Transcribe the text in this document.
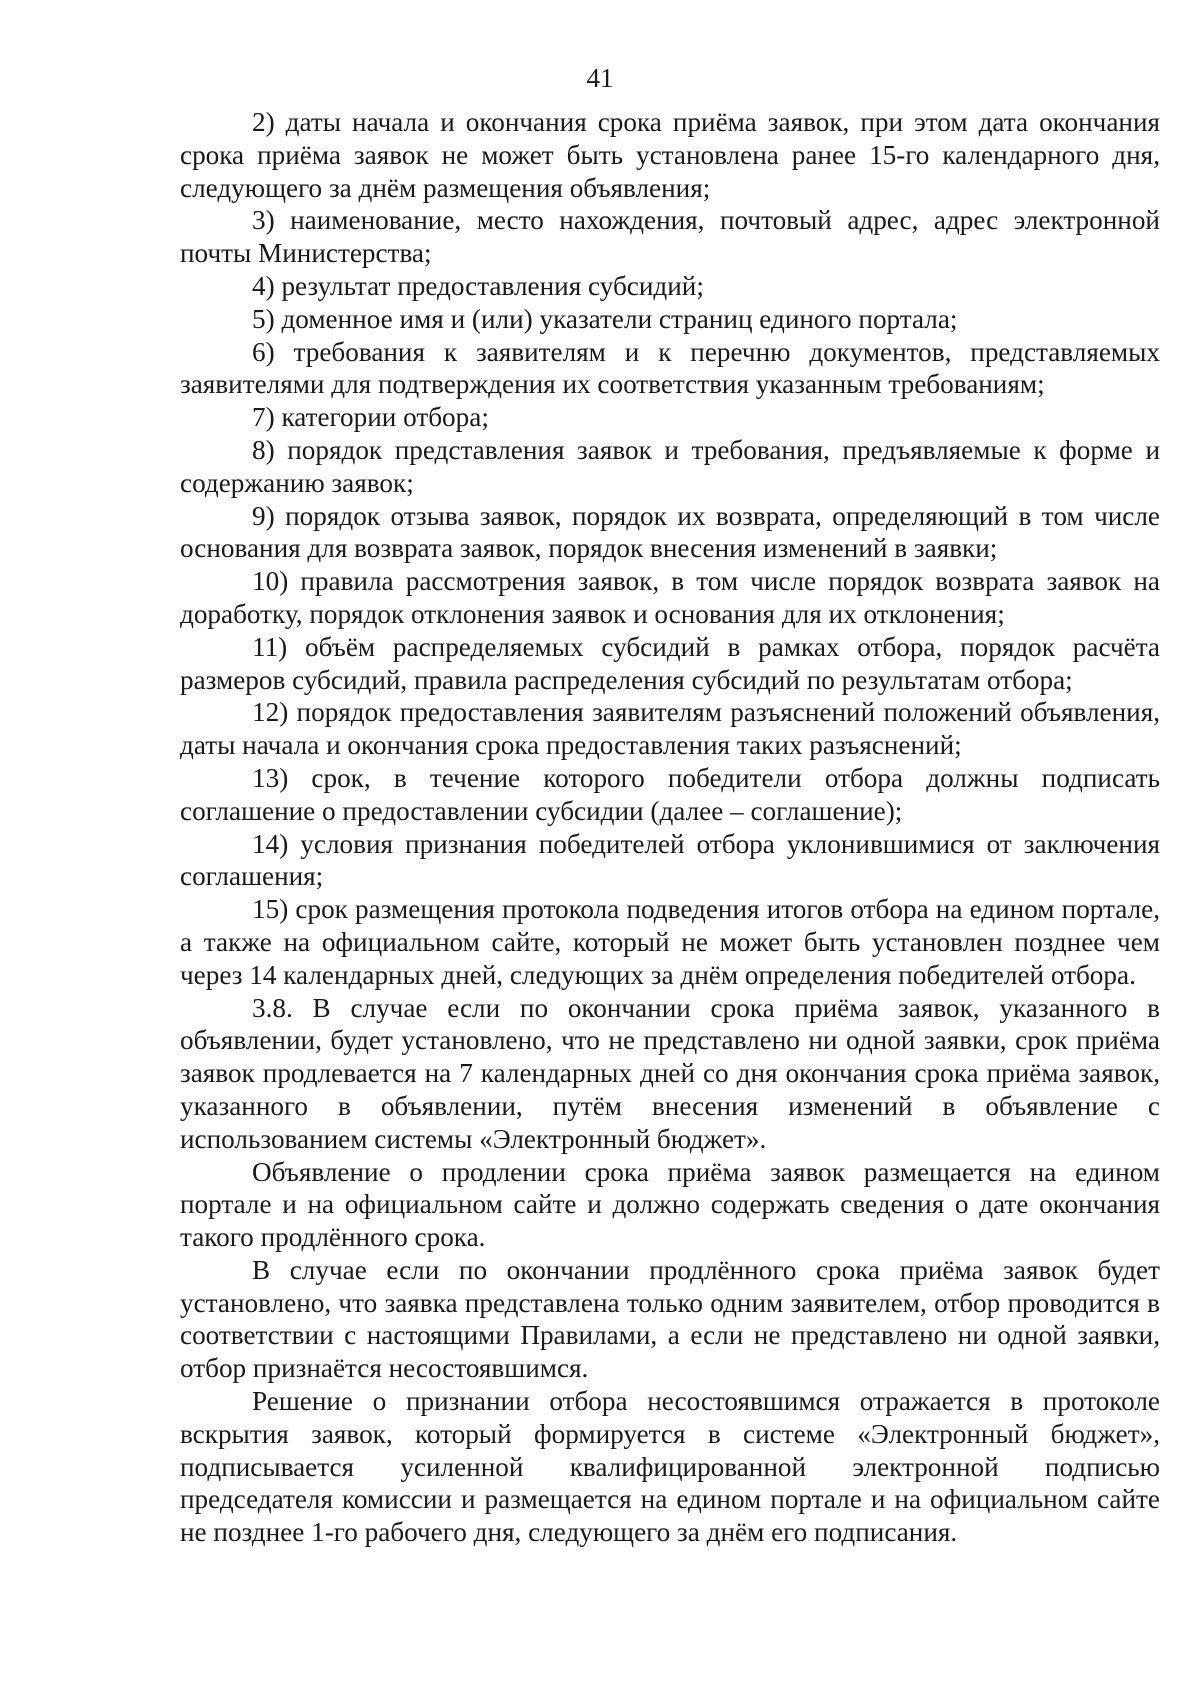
41

2) даты начала и окончания срока приёма заявок, при этом дата окончания срока приёма заявок не может быть установлена ранее 15-го календарного дня, следующего за днём размещения объявления;

3) наименование, место нахождения, почтовый адрес, адрес электронной почты Министерства;

4) результат предоставления субсидий;

5) доменное имя и (или) указатели страниц единого портала;

6) требования к заявителям и к перечню документов, представляемых заявителями для подтверждения их соответствия указанным требованиям;

7) категории отбора;

8) порядок представления заявок и требования, предъявляемые к форме и содержанию заявок;

9) порядок отзыва заявок, порядок их возврата, определяющий в том числе основания для возврата заявок, порядок внесения изменений в заявки;

10) правила рассмотрения заявок, в том числе порядок возврата заявок на доработку, порядок отклонения заявок и основания для их отклонения;

11) объём распределяемых субсидий в рамках отбора, порядок расчёта размеров субсидий, правила распределения субсидий по результатам отбора;

12) порядок предоставления заявителям разъяснений положений объявления, даты начала и окончания срока предоставления таких разъяснений;

13) срок, в течение которого победители отбора должны подписать соглашение о предоставлении субсидии (далее – соглашение);

14) условия признания победителей отбора уклонившимися от заключения соглашения;

15) срок размещения протокола подведения итогов отбора на едином портале, а также на официальном сайте, который не может быть установлен позднее чем через 14 календарных дней, следующих за днём определения победителей отбора.

3.8. В случае если по окончании срока приёма заявок, указанного в объявлении, будет установлено, что не представлено ни одной заявки, срок приёма заявок продлевается на 7 календарных дней со дня окончания срока приёма заявок, указанного в объявлении, путём внесения изменений в объявление с использованием системы «Электронный бюджет».

Объявление о продлении срока приёма заявок размещается на едином портале и на официальном сайте и должно содержать сведения о дате окончания такого продлённого срока.

В случае если по окончании продлённого срока приёма заявок будет установлено, что заявка представлена только одним заявителем, отбор проводится в соответствии с настоящими Правилами, а если не представлено ни одной заявки, отбор признаётся несостоявшимся.

Решение о признании отбора несостоявшимся отражается в протоколе вскрытия заявок, который формируется в системе «Электронный бюджет», подписывается усиленной квалифицированной электронной подписью председателя комиссии и размещается на едином портале и на официальном сайте не позднее 1-го рабочего дня, следующего за днём его подписания.
